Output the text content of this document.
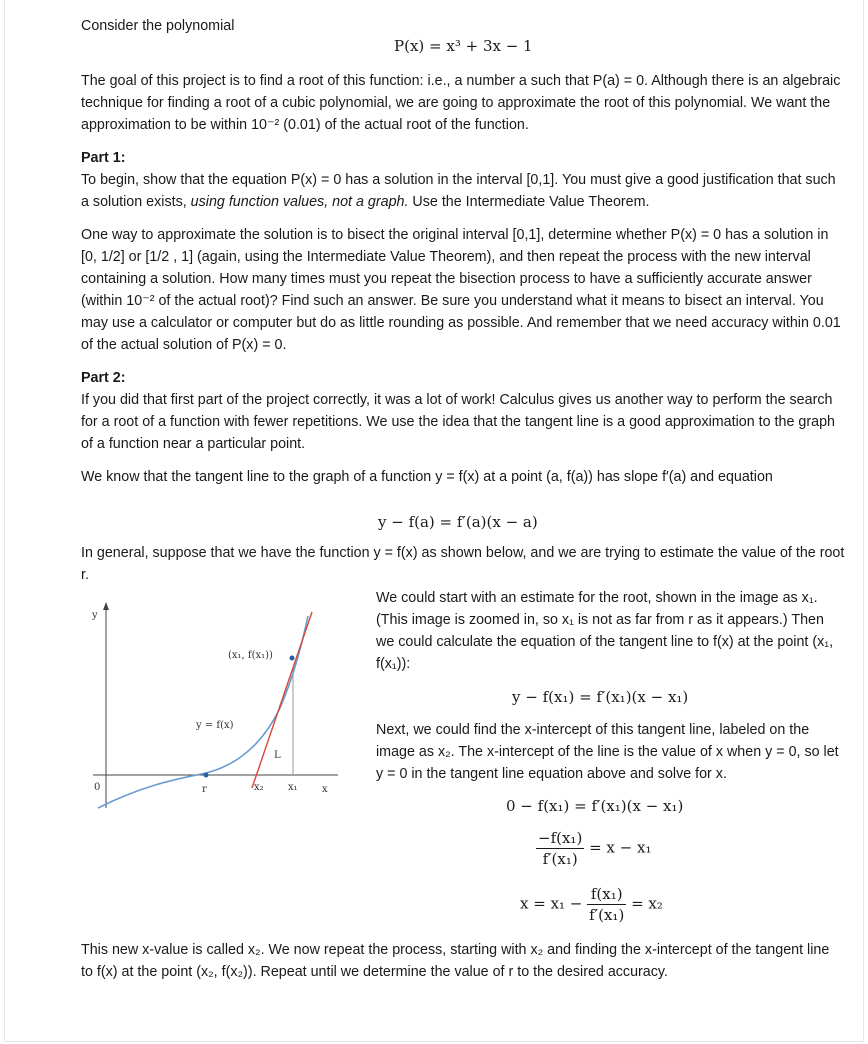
Consider the polynomial

P(x) = x³ + 3x − 1

The goal of this project is to find a root of this function: i.e., a number a such that P(a) = 0. Although there is an algebraic technique for finding a root of a cubic polynomial, we are going to approximate the root of this polynomial. We want the approximation to be within 10⁻² (0.01) of the actual root of the function.

Part 1:

To begin, show that the equation P(x) = 0 has a solution in the interval [0,1]. You must give a good justification that such a solution exists, using function values, not a graph. Use the Intermediate Value Theorem.

One way to approximate the solution is to bisect the original interval [0,1], determine whether P(x) = 0 has a solution in [0, 1/2] or [1/2 , 1] (again, using the Intermediate Value Theorem), and then repeat the process with the new interval containing a solution. How many times must you repeat the bisection process to have a sufficiently accurate answer (within 10⁻² of the actual root)? Find such an answer. Be sure you understand what it means to bisect an interval. You may use a calculator or computer but do as little rounding as possible. And remember that we need accuracy within 0.01 of the actual solution of P(x) = 0.

Part 2:

If you did that first part of the project correctly, it was a lot of work! Calculus gives us another way to perform the search for a root of a function with fewer repetitions. We use the idea that the tangent line is a good approximation to the graph of a function near a particular point.

We know that the tangent line to the graph of a function y = f(x) at a point (a, f(a)) has slope f′(a) and equation

y − f(a) = f′(a)(x − a)

In general, suppose that we have the function y = f(x) as shown below, and we are trying to estimate the value of the root r.

y
(x₁, f(x₁))
y = f(x)
L
0	r	x₂ x₁ x

We could start with an estimate for the root, shown in the image as x₁. (This image is zoomed in, so x₁ is not as far from r as it appears.) Then we could calculate the equation of the tangent line to f(x) at the point (x₁, f(x₁)):

y − f(x₁) = f′(x₁)(x − x₁)

Next, we could find the x-intercept of this tangent line, labeled on the image as x₂. The x-intercept of the line is the value of x when y = 0, so let y = 0 in the tangent line equation above and solve for x.

0 − f(x₁) = f′(x₁)(x − x₁)
$\frac{\text{−f(x₁)}}{\text{f′(x₁)}} = x - x_1$
$x = x_1 - \frac{\text{f(x₁)}}{\text{f′(x₁)}} = x_2$

This new x-value is called x₂. We now repeat the process, starting with x₂ and finding the x-intercept of the tangent line to f(x) at the point (x₂, f(x₂)). Repeat until we determine the value of r to the desired accuracy.
